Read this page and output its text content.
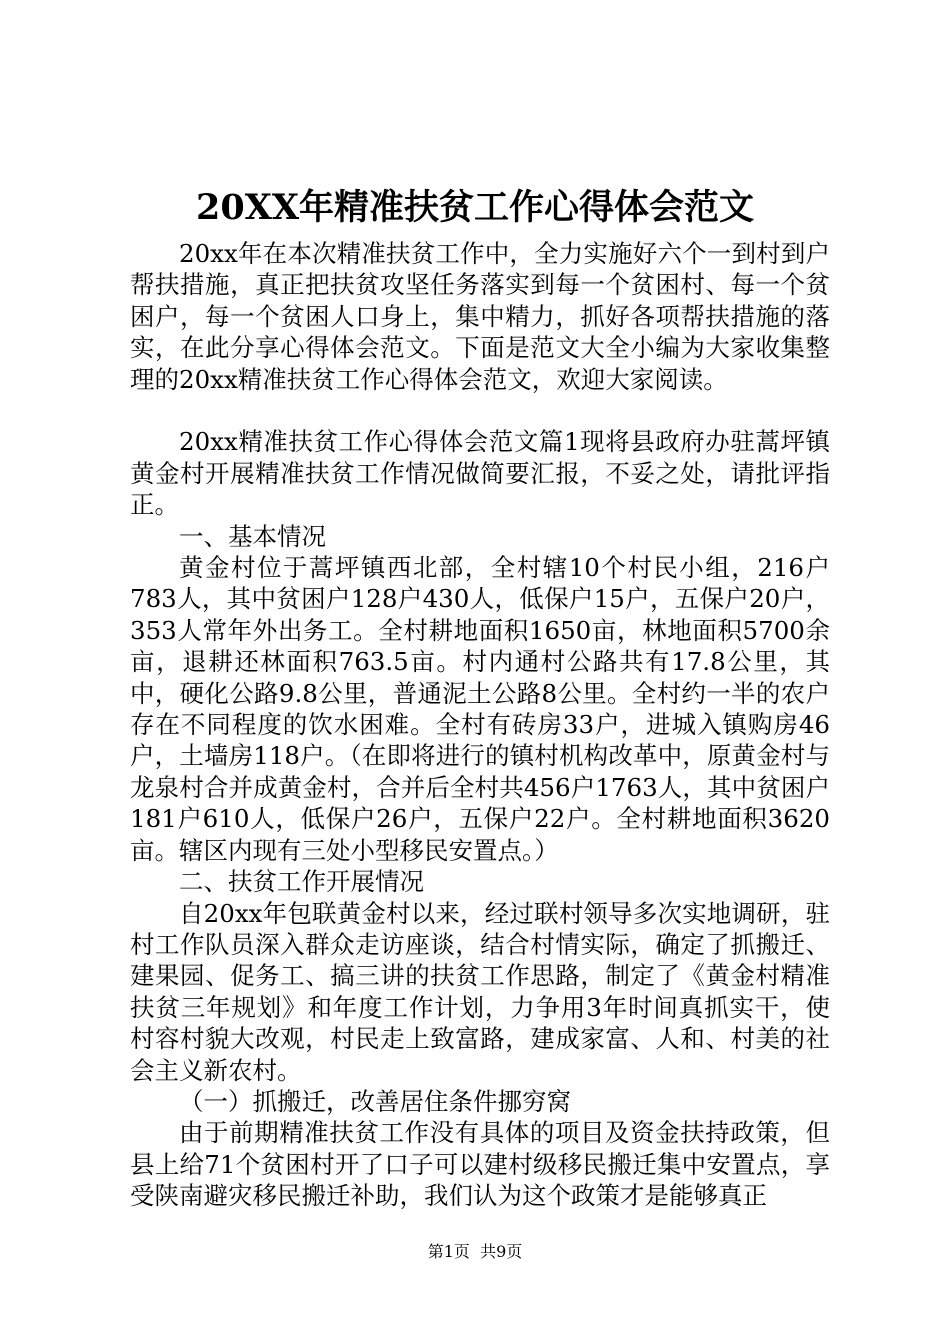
20XX年精准扶贫工作心得体会范文

20xx年在本次精准扶贫工作中，全力实施好六个一到村到户帮扶措施，真正把扶贫攻坚任务落实到每一个贫困村、每一个贫困户，每一个贫困人口身上，集中精力，抓好各项帮扶措施的落实，在此分享心得体会范文。下面是范文大全小编为大家收集整理的20xx精准扶贫工作心得体会范文，欢迎大家阅读。

20xx精准扶贫工作心得体会范文篇1现将县政府办驻蒿坪镇黄金村开展精准扶贫工作情况做简要汇报，不妥之处，请批评指正。

一、基本情况

黄金村位于蒿坪镇西北部，全村辖10个村民小组，216户783人，其中贫困户128户430人，低保户15户，五保户20户，353人常年外出务工。全村耕地面积1650亩，林地面积5700余亩，退耕还林面积763.5亩。村内通村公路共有17.8公里，其中，硬化公路9.8公里，普通泥土公路8公里。全村约一半的农户存在不同程度的饮水困难。全村有砖房33户，进城入镇购房46户，土墙房118户。（在即将进行的镇村机构改革中，原黄金村与龙泉村合并成黄金村，合并后全村共456户1763人，其中贫困户181户610人，低保户26户，五保户22户。全村耕地面积3620亩。辖区内现有三处小型移民安置点。）

二、扶贫工作开展情况

自20xx年包联黄金村以来，经过联村领导多次实地调研，驻村工作队员深入群众走访座谈，结合村情实际，确定了抓搬迁、建果园、促务工、搞三讲的扶贫工作思路，制定了《黄金村精准扶贫三年规划》和年度工作计划，力争用3年时间真抓实干，使村容村貌大改观，村民走上致富路，建成家富、人和、村美的社会主义新农村。

（一）抓搬迁，改善居住条件挪穷窝

由于前期精准扶贫工作没有具体的项目及资金扶持政策，但县上给71个贫困村开了口子可以建村级移民搬迁集中安置点，享受陕南避灾移民搬迁补助，我们认为这个政策才是能够真正

第1页  共9页
